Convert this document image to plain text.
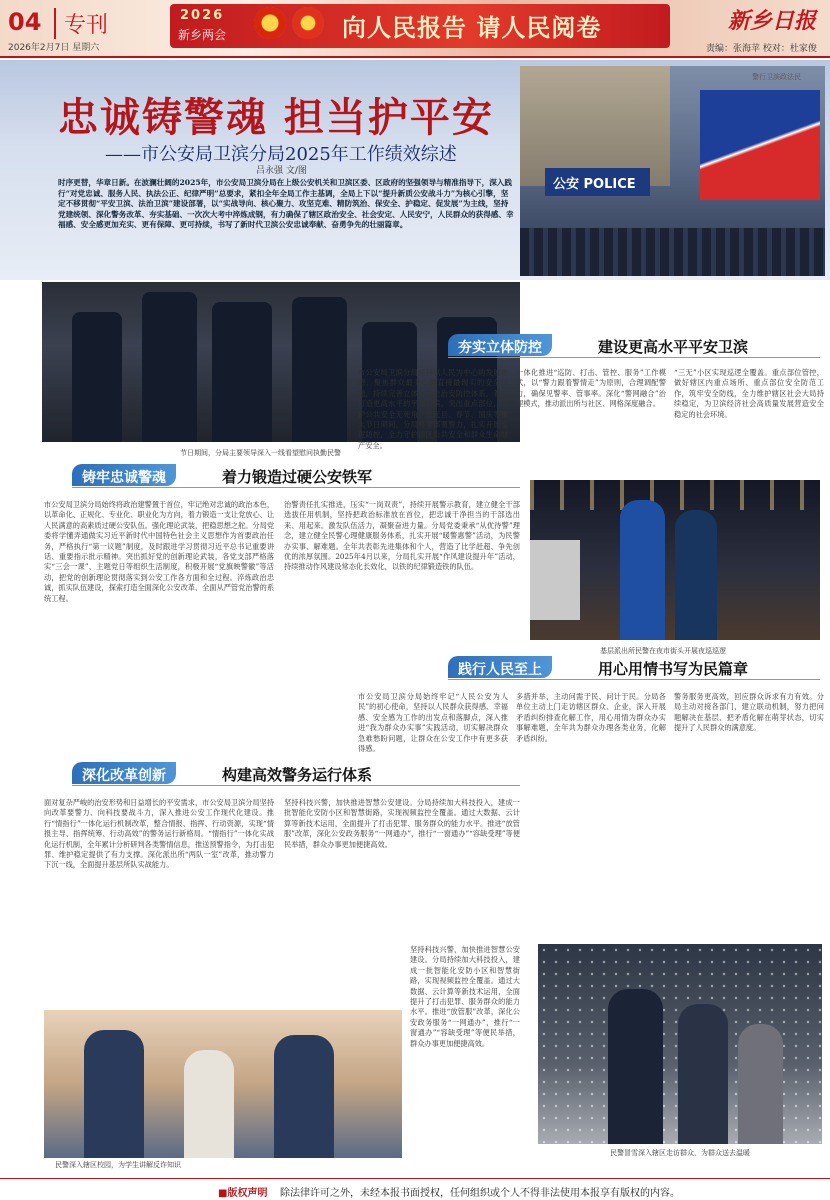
04	专刊
2026年2月7日 星期六
2026
新乡两会	向人民报告 请人民阅卷	新乡日报
责编：张海苹 校对：杜家俊
公安 POLICE
警行卫滨政法民
忠诚铸警魂 担当护平安
——市公安局卫滨分局2025年工作绩效综述
吕永强 文/图
时序更替，华章日新。在波澜壮阔的2025年，市公安局卫滨分局在上级公安机关和卫滨区委、区政府的坚强领导与精准指导下，深入践行“对党忠诚、服务人民、执法公正、纪律严明”总要求，紧扣全年全局工作主基调，全局上下以“提升新质公安战斗力”为核心引擎，坚定不移贯彻“平安卫滨、法治卫滨”建设部署，以“实战导向、核心聚力、攻坚克难、精防筑治、保安全、护稳定、促发展”为主线，坚持党建统领、深化警务改革、夯实基础、一次次大考中淬炼成钢，有力确保了辖区政治安全、社会安定、人民安宁，人民群众的获得感、幸福感、安全感更加充实、更有保障、更可持续，书写了新时代卫滨公安忠诚奉献、奋勇争先的壮丽篇章。
节日期间，分局主要领导深入一线看望慰问执勤民警
铸牢忠诚警魂	着力锻造过硬公安铁军
市公安局卫滨分局始终将政治建警置于首位，牢记绝对忠诚的政治本色，以革命化、正规化、专业化、职业化为方向，着力锻造一支让党放心、让人民满意的高素质过硬公安队伍。强化理论武装，把稳思想之舵。分局党委将学懂弄通做实习近平新时代中国特色社会主义思想作为首要政治任务，严格执行“第一议题”制度，及时跟进学习贯彻习近平总书记重要讲话、重要指示批示精神。突出抓好党的创新理论武装，各党支部严格落实“三会一课”、主题党日等组织生活制度，积极开展“党旗映警徽”等活动，把党的创新理论贯彻落实到公安工作各方面和全过程。淬炼政治忠诚，抓实队伍建设，探索打造全面深化公安改革、全面从严管党治警的系统工程。
治警责任扎实推进，压实“一岗双责”，持续开展警示教育，建立健全干部选拔任用机制，坚持把政治标准放在首位，把忠诚干净担当的干部选出来、用起来。激发队伍活力，凝聚奋进力量。分局党委秉承“从优待警”理念，建立健全民警心理健康服务体系，扎实开展“暖警惠警”活动，为民警办实事、解难题。全年共表彰先进集体和个人，营造了比学赶超、争先创优的浓厚氛围。2025年4月以来，分局扎实开展“作风建设提升年”活动，持续推动作风建设常态化长效化，以铁的纪律锻造铁的队伍。
深化改革创新	构建高效警务运行体系
面对复杂严峻的治安形势和日益增长的平安需求，市公安局卫滨分局坚持向改革要警力、向科技要战斗力，深入推进公安工作现代化建设。推行“情指行”一体化运行机制改革，整合情报、指挥、行动资源，实现“情报主导、指挥统筹、行动高效”的警务运行新格局。“情指行”一体化实战化运行机制，全年累计分析研判各类警情信息，推送预警指令，为打击犯罪、维护稳定提供了有力支撑。深化派出所“两队一室”改革，推动警力下沉一线，全面提升基层所队实战能力。
坚持科技兴警，加快推进智慧公安建设。分局持续加大科技投入，建成一批智能化安防小区和智慧街路，实现视频监控全覆盖。通过大数据、云计算等新技术运用，全面提升了打击犯罪、服务群众的能力水平。推进“放管服”改革，深化公安政务服务“一网通办”，推行“一窗通办”“容缺受理”等便民举措，群众办事更加便捷高效。
坚持科技兴警，加快推进智慧公安建设。分局持续加大科技投入，建成一批智能化安防小区和智慧街路，实现视频监控全覆盖。通过大数据、云计算等新技术运用，全面提升了打击犯罪、服务群众的能力水平。推进“放管服”改革，深化公安政务服务“一网通办”，推行“一窗通办”“容缺受理”等便民举措，群众办事更加便捷高效。
民警深入辖区校园，为学生讲解反诈知识
夯实立体防控	建设更高水平平安卫滨
市公安局卫滨分局坚持以人民为中心的发展思想，聚焦群众最关心最直接最现实的安全问题，持续完善立体化社会治安防控体系，着力打造更高水平的平安卫滨。突出重点部位，守护公共安全无死角。在元旦、春节、国庆等重大节日期间，分局科学部署警力，扎实开展巡逻防控，全力守护辖区公共安全和群众生命财产安全。
一体化推进“巡防、打击、管控、服务”工作模式，以“警力跟着警情走”为原则，合理调配警力，确保见警率、管事率。深化“警网融合”治理模式，推动派出所与社区、网格深度融合。
“三无”小区实现巡逻全覆盖。重点部位管控，做好辖区内重点场所、重点部位安全防范工作，筑牢安全防线，全力维护辖区社会大局持续稳定，为卫滨经济社会高质量发展营造安全稳定的社会环境。
基层派出所民警在夜市街头开展夜巡巡逻
践行人民至上	用心用情书写为民篇章
市公安局卫滨分局始终牢记“人民公安为人民”的初心使命，坚持以人民群众获得感、幸福感、安全感为工作的出发点和落脚点，深入推进“我为群众办实事”实践活动，切实解决群众急难愁盼问题，让群众在公安工作中有更多获得感。
多措并举，主动问需于民、问计于民。分局各单位主动上门走访辖区群众、企业，深入开展矛盾纠纷排查化解工作，用心用情为群众办实事解难题，全年共为群众办理各类业务，化解矛盾纠纷。
警务服务更高效，回应群众诉求有力有效。分局主动对接各部门，建立联动机制，努力把问题解决在基层、把矛盾化解在萌芽状态，切实提升了人民群众的满意度。
民警冒雪深入辖区走访群众，为群众送去温暖
■版权声明 除法律许可之外，未经本报书面授权，任何组织或个人不得非法使用本报享有版权的内容。
